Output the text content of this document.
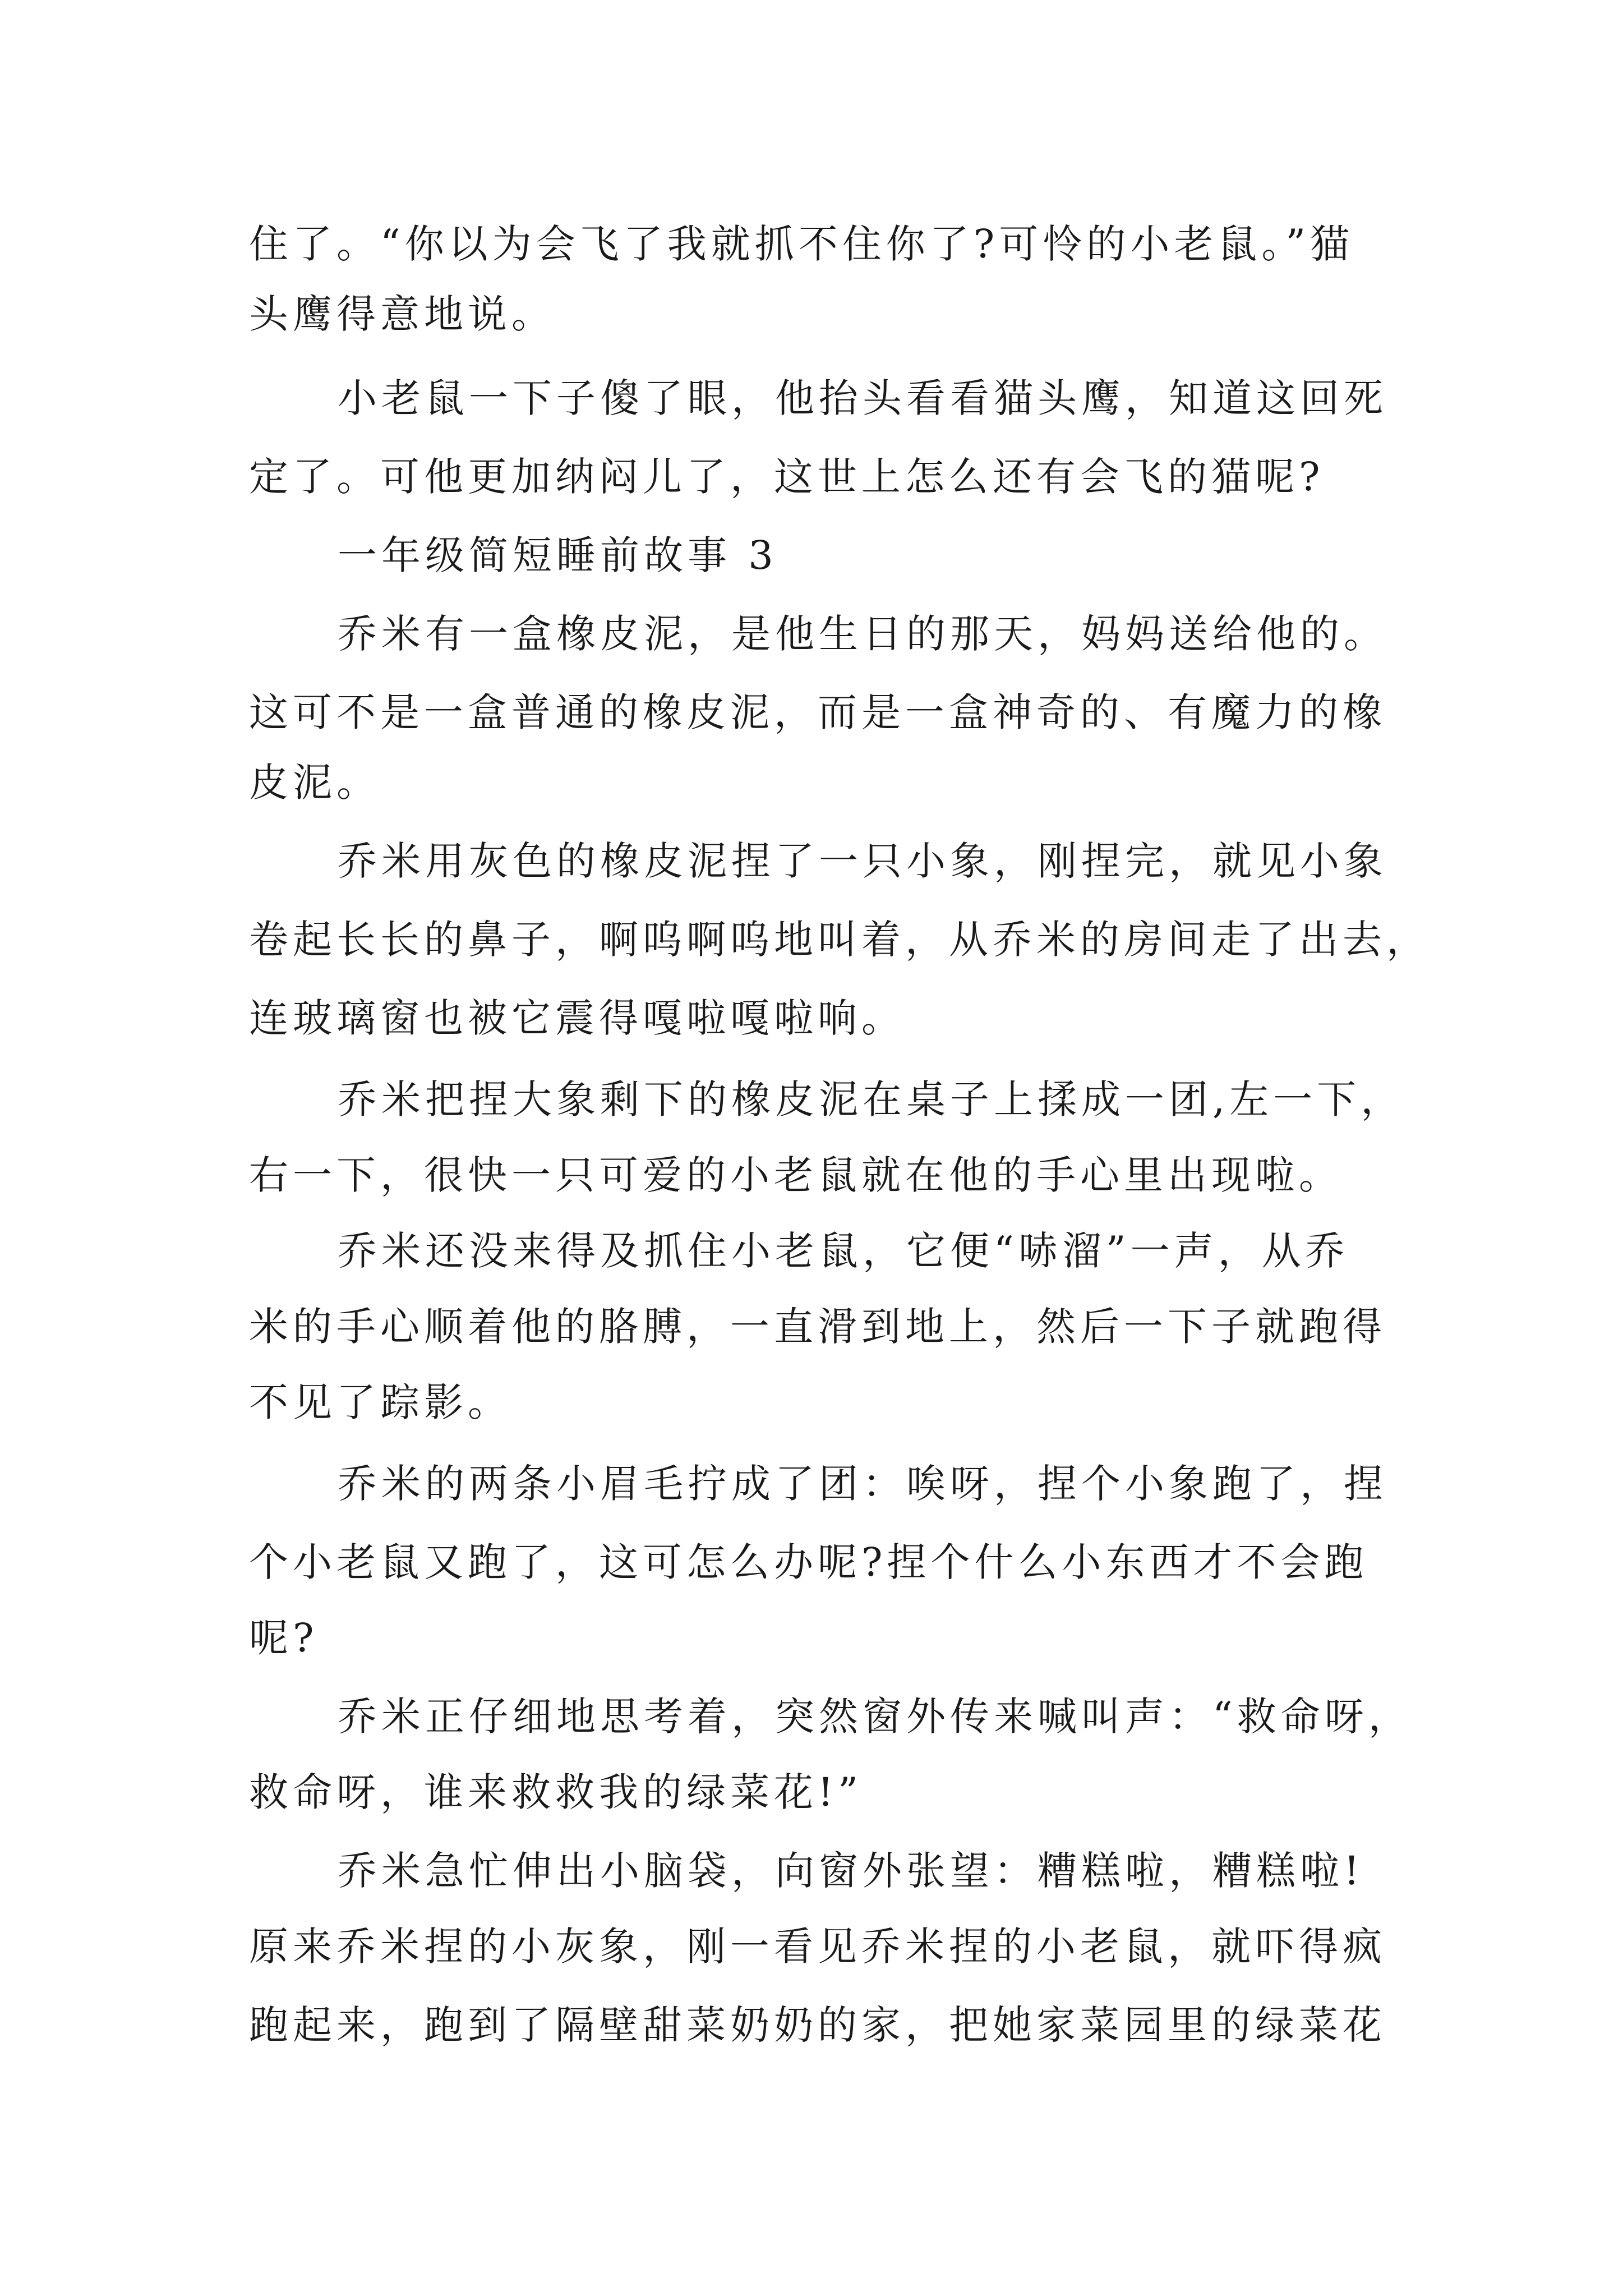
住了。“你以为会飞了我就抓不住你了?可怜的小老鼠。”猫
头鹰得意地说。
小老鼠一下子傻了眼，他抬头看看猫头鹰，知道这回死
定了。可他更加纳闷儿了，这世上怎么还有会飞的猫呢?
一年级简短睡前故事 3
乔米有一盒橡皮泥，是他生日的那天，妈妈送给他的。
这可不是一盒普通的橡皮泥，而是一盒神奇的、有魔力的橡
皮泥。
乔米用灰色的橡皮泥捏了一只小象，刚捏完，就见小象
卷起长长的鼻子，啊呜啊呜地叫着，从乔米的房间走了出去，
连玻璃窗也被它震得嘎啦嘎啦响。
乔米把捏大象剩下的橡皮泥在桌子上揉成一团,左一下，
右一下，很快一只可爱的小老鼠就在他的手心里出现啦。
乔米还没来得及抓住小老鼠，它便“哧溜”一声，从乔
米的手心顺着他的胳膊，一直滑到地上，然后一下子就跑得
不见了踪影。
乔米的两条小眉毛拧成了团：唉呀，捏个小象跑了，捏
个小老鼠又跑了，这可怎么办呢?捏个什么小东西才不会跑
呢?
乔米正仔细地思考着，突然窗外传来喊叫声：“救命呀，
救命呀，谁来救救我的绿菜花!”
乔米急忙伸出小脑袋，向窗外张望：糟糕啦，糟糕啦!
原来乔米捏的小灰象，刚一看见乔米捏的小老鼠，就吓得疯
跑起来，跑到了隔壁甜菜奶奶的家，把她家菜园里的绿菜花
